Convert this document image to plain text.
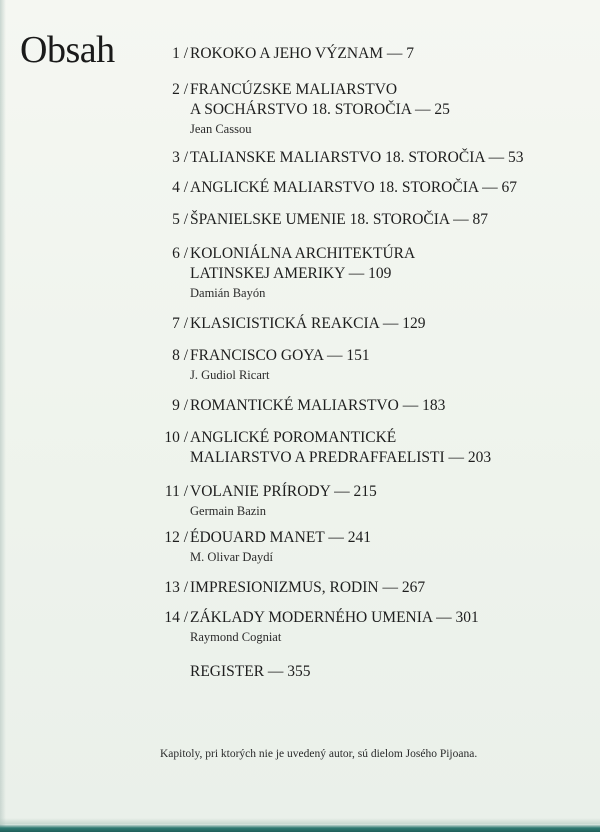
Obsah	1 / ROKOKO A JEHO VÝZNAM — 7
2 / FRANCÚZSKE MALIARSTVO
A SOCHÁRSTVO 18. STOROČIA — 25
Jean Cassou
3 / TALIANSKE MALIARSTVO 18. STOROČIA — 53
4 / ANGLICKÉ MALIARSTVO 18. STOROČIA — 67
5 / ŠPANIELSKE UMENIE 18. STOROČIA — 87
6 / KOLONIÁLNA ARCHITEKTÚRA
LATINSKEJ AMERIKY — 109
Damián Bayón
7 / KLASICISTICKÁ REAKCIA — 129
8 / FRANCISCO GOYA — 151
J. Gudiol Ricart
9 / ROMANTICKÉ MALIARSTVO — 183
10 / ANGLICKÉ POROMANTICKÉ
MALIARSTVO A PREDRAFFAELISTI — 203
11 / VOLANIE PRÍRODY — 215
Germain Bazin
12 / ÉDOUARD MANET — 241
M. Olivar Daydí
13 / IMPRESIONIZMUS, RODIN — 267
14 / ZÁKLADY MODERNÉHO UMENIA — 301
Raymond Cogniat
REGISTER — 355
Kapitoly, pri ktorých nie je uvedený autor, sú dielom Josého Pijoana.
